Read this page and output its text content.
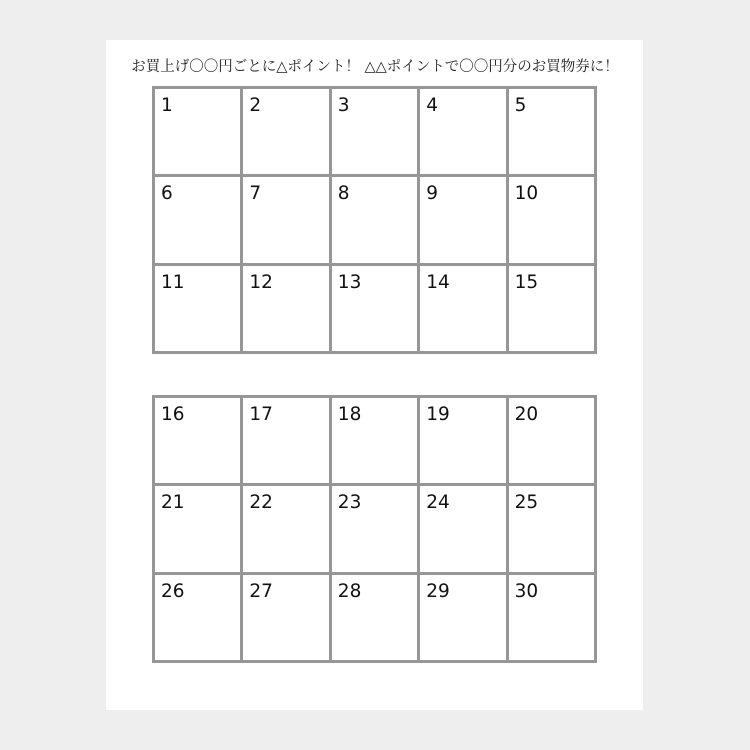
お買上げ〇〇円ごとに△ポイント！ △△ポイントで〇〇円分のお買物券に！

1	2	3	4	5
6	7	8	9	10
11	12	13	14	15
16	17	18	19	20
21	22	23	24	25
26	27	28	29	30
